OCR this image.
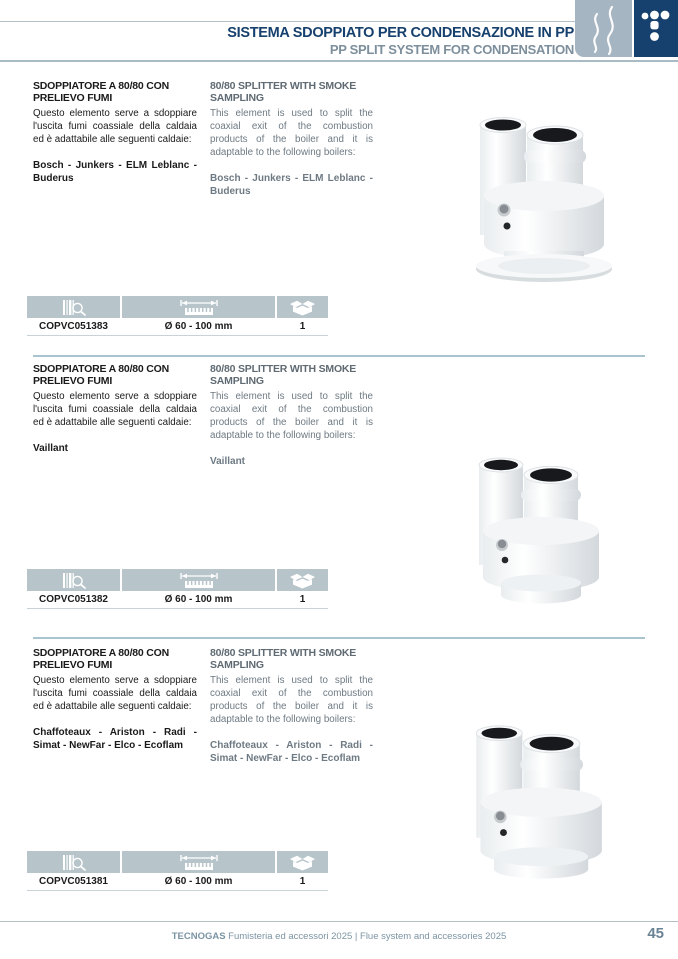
SISTEMA SDOPPIATO PER CONDENSAZIONE IN PP
PP SPLIT SYSTEM FOR CONDENSATION
SDOPPIATORE A 80/80 CON PRELIEVO FUMI

Questo elemento serve a sdoppiare l'uscita fumi coassiale della caldaia ed è adattabile alle seguenti caldaie:

Bosch - Junkers - ELM Leblanc - Buderus

80/80 SPLITTER WITH SMOKE SAMPLING

This element is used to split the coaxial exit of the combustion products of the boiler and it is adaptable to the following boilers:

Bosch - Junkers - ELM Leblanc - Buderus

COPVC051383	Ø 60 - 100 mm	1
SDOPPIATORE A 80/80 CON PRELIEVO FUMI

Questo elemento serve a sdoppiare l'uscita fumi coassiale della caldaia ed è adattabile alle seguenti caldaie:

Vaillant

80/80 SPLITTER WITH SMOKE SAMPLING

This element is used to split the coaxial exit of the combustion products of the boiler and it is adaptable to the following boilers:

Vaillant

COPVC051382	Ø 60 - 100 mm	1
SDOPPIATORE A 80/80 CON PRELIEVO FUMI

Questo elemento serve a sdoppiare l'uscita fumi coassiale della caldaia ed è adattabile alle seguenti caldaie:

Chaffoteaux - Ariston - Radi - Simat - NewFar - Elco - Ecoflam

80/80 SPLITTER WITH SMOKE SAMPLING

This element is used to split the coaxial exit of the combustion products of the boiler and it is adaptable to the following boilers:

Chaffoteaux - Ariston - Radi - Simat - NewFar - Elco - Ecoflam

COPVC051381	Ø 60 - 100 mm	1
TECNOGAS Fumisteria ed accessori 2025 | Flue system and accessories 2025	45
